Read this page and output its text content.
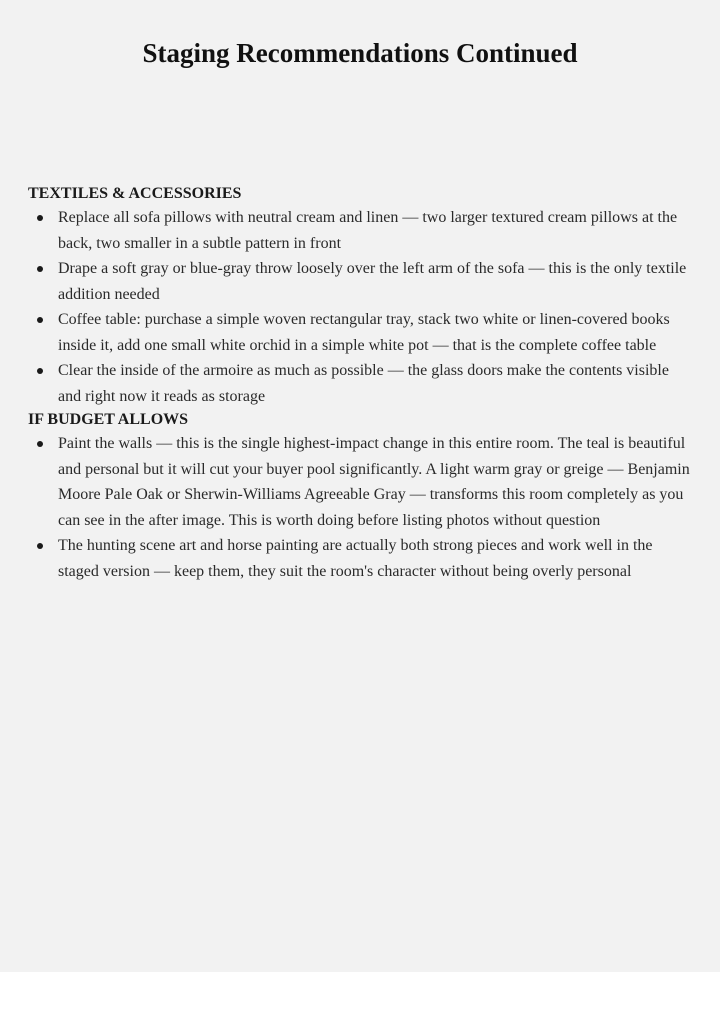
Staging Recommendations Continued
TEXTILES & ACCESSORIES
Replace all sofa pillows with neutral cream and linen — two larger textured cream pillows at the back, two smaller in a subtle pattern in front
Drape a soft gray or blue-gray throw loosely over the left arm of the sofa — this is the only textile addition needed
Coffee table: purchase a simple woven rectangular tray, stack two white or linen-covered books inside it, add one small white orchid in a simple white pot — that is the complete coffee table
Clear the inside of the armoire as much as possible — the glass doors make the contents visible and right now it reads as storage
IF BUDGET ALLOWS
Paint the walls — this is the single highest-impact change in this entire room. The teal is beautiful and personal but it will cut your buyer pool significantly. A light warm gray or greige — Benjamin Moore Pale Oak or Sherwin-Williams Agreeable Gray — transforms this room completely as you can see in the after image. This is worth doing before listing photos without question
The hunting scene art and horse painting are actually both strong pieces and work well in the staged version — keep them, they suit the room's character without being overly personal
